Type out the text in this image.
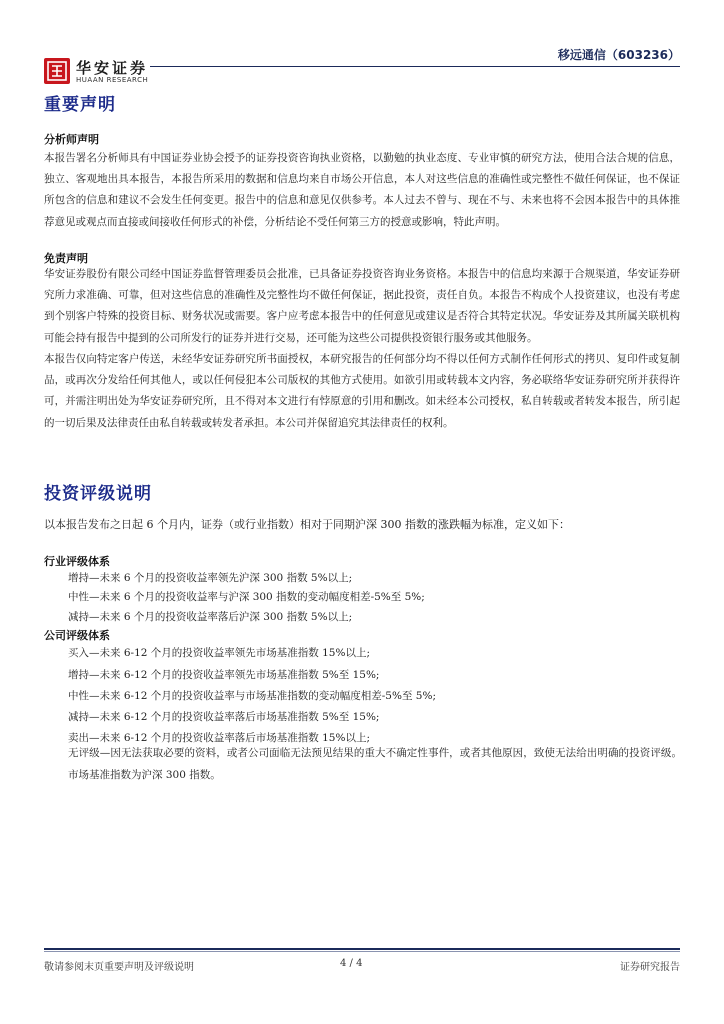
华安证券
HUAAN RESEARCH
移远通信（603236）
重要声明
分析师声明

本报告署名分析师具有中国证券业协会授予的证券投资咨询执业资格，以勤勉的执业态度、专业审慎的研究方法，使用合法合规的信息，独立、客观地出具本报告，本报告所采用的数据和信息均来自市场公开信息，本人对这些信息的准确性或完整性不做任何保证，也不保证所包含的信息和建议不会发生任何变更。报告中的信息和意见仅供参考。本人过去不曾与、现在不与、未来也将不会因本报告中的具体推荐意见或观点而直接或间接收任何形式的补偿，分析结论不受任何第三方的授意或影响，特此声明。

免责声明

华安证券股份有限公司经中国证券监督管理委员会批准，已具备证券投资咨询业务资格。本报告中的信息均来源于合规渠道，华安证券研究所力求准确、可靠，但对这些信息的准确性及完整性均不做任何保证，据此投资，责任自负。本报告不构成个人投资建议，也没有考虑到个别客户特殊的投资目标、财务状况或需要。客户应考虑本报告中的任何意见或建议是否符合其特定状况。华安证券及其所属关联机构可能会持有报告中提到的公司所发行的证券并进行交易，还可能为这些公司提供投资银行服务或其他服务。

本报告仅向特定客户传送，未经华安证券研究所书面授权，本研究报告的任何部分均不得以任何方式制作任何形式的拷贝、复印件或复制品，或再次分发给任何其他人，或以任何侵犯本公司版权的其他方式使用。如欲引用或转载本文内容，务必联络华安证券研究所并获得许可，并需注明出处为华安证券研究所，且不得对本文进行有悖原意的引用和删改。如未经本公司授权，私自转载或者转发本报告，所引起的一切后果及法律责任由私自转载或转发者承担。本公司并保留追究其法律责任的权利。

投资评级说明
以本报告发布之日起 6 个月内，证券（或行业指数）相对于同期沪深 300 指数的涨跌幅为标准，定义如下：
行业评级体系
增持—未来 6 个月的投资收益率领先沪深 300 指数 5%以上;
中性—未来 6 个月的投资收益率与沪深 300 指数的变动幅度相差-5%至 5%;
减持—未来 6 个月的投资收益率落后沪深 300 指数 5%以上;
公司评级体系
买入—未来 6-12 个月的投资收益率领先市场基准指数 15%以上;
增持—未来 6-12 个月的投资收益率领先市场基准指数 5%至 15%;
中性—未来 6-12 个月的投资收益率与市场基准指数的变动幅度相差-5%至 5%;
减持—未来 6-12 个月的投资收益率落后市场基准指数 5%至 15%;
卖出—未来 6-12 个月的投资收益率落后市场基准指数 15%以上;

无评级—因无法获取必要的资料，或者公司面临无法预见结果的重大不确定性事件，或者其他原因，致使无法给出明确的投资评级。 市场基准指数为沪深 300 指数。

敬请参阅末页重要声明及评级说明	4 / 4	证券研究报告
